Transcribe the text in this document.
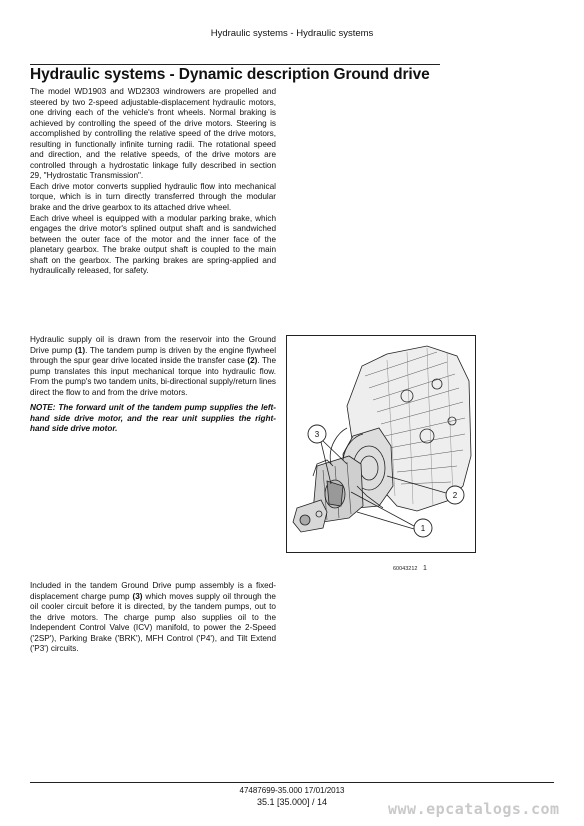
Hydraulic systems - Hydraulic systems
Hydraulic systems - Dynamic description Ground drive

The model WD1903 and WD2303 windrowers are propelled and steered by two 2-speed adjustable-displacement hydraulic motors, one driving each of the vehicle's front wheels. Normal braking is achieved by controlling the speed of the drive motors. Steering is accomplished by controlling the relative speed of the drive motors, resulting in functionally infinite turning radii. The rotational speed and direction, and the relative speeds, of the drive motors are controlled through a hydrostatic linkage fully described in section 29, "Hydrostatic Transmission".

Each drive motor converts supplied hydraulic flow into mechanical torque, which is in turn directly transferred through the modular brake and the drive gearbox to its attached drive wheel.

Each drive wheel is equipped with a modular parking brake, which engages the drive motor's splined output shaft and is sandwiched between the outer face of the motor and the inner face of the planetary gearbox. The brake output shaft is coupled to the main shaft on the gearbox. The parking brakes are spring-applied and hydraulically released, for safety.

Hydraulic supply oil is drawn from the reservoir into the Ground Drive pump (1). The tandem pump is driven by the engine flywheel through the spur gear drive located inside the transfer case (2). The pump translates this input mechanical torque into hydraulic flow. From the pump's two tandem units, bi-directional supply/return lines direct the flow to and from the drive motors.

NOTE: The forward unit of the tandem pump supplies the left-hand side drive motor, and the rear unit supplies the right-hand side drive motor.

3
2
1
60043212 1

Included in the tandem Ground Drive pump assembly is a fixed-displacement charge pump (3) which moves supply oil through the oil cooler circuit before it is directed, by the tandem pumps, out to the drive motors. The charge pump also supplies oil to the Independent Control Valve (ICV) manifold, to power the 2-Speed ('2SP'), Parking Brake ('BRK'), MFH Control ('P4'), and Tilt Extend ('P3') circuits.

47487699-35.000 17/01/2013
35.1 [35.000] / 14	www.epcatalogs.com
